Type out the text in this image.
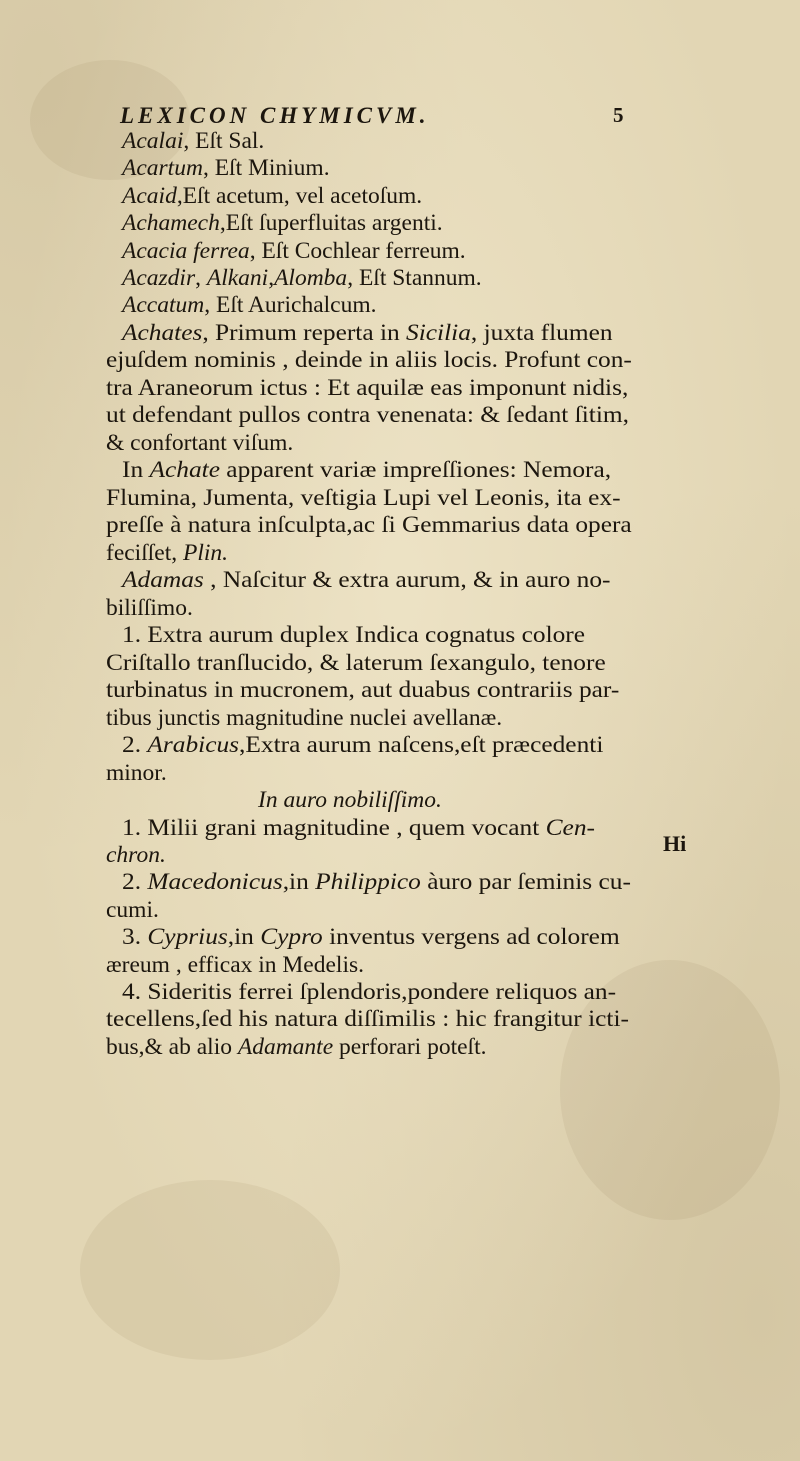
LEXICON CHYMICVM.	5
Acalai, Eſt Sal.
Acartum, Eſt Minium.
Acaid,Eſt acetum, vel acetoſum.
Achamech,Eſt ſuperfluitas argenti.
Acacia ferrea, Eſt Cochlear ferreum.
Acazdir, Alkani,Alomba, Eſt Stannum.
Accatum, Eſt Aurichalcum.
Achates, Primum reperta in Sicilia, juxta flumen
ejuſdem nominis , deinde in aliis locis. Profunt con-
tra Araneorum ictus : Et aquilæ eas imponunt nidis,
ut defendant pullos contra venenata: & ſedant ſitim,
& confortant viſum.
In Achate apparent variæ impreſſiones: Nemora,
Flumina, Jumenta, veſtigia Lupi vel Leonis, ita ex-
preſſe à natura inſculpta,ac ſi Gemmarius data opera
feciſſet, Plin.
Adamas , Naſcitur & extra aurum, & in auro no-
biliſſimo.
1. Extra aurum duplex Indica cognatus colore
Criſtallo tranſlucido, & laterum ſexangulo, tenore
turbinatus in mucronem, aut duabus contrariis par-
tibus junctis magnitudine nuclei avellanæ.
2. Arabicus,Extra aurum naſcens,eſt præcedenti
minor.
In auro nobiliſſimo.
1. Milii grani magnitudine , quem vocant Cen-
chron.
2. Macedonicus,in Philippico àuro par ſeminis cu-
cumi.
3. Cyprius,in Cypro inventus vergens ad colorem
æreum , efficax in Medelis.
4. Sideritis ferrei ſplendoris,pondere reliquos an-
tecellens,ſed his natura diſſimilis : hic frangitur icti-
bus,& ab alio Adamante perforari poteſt.
Hi
